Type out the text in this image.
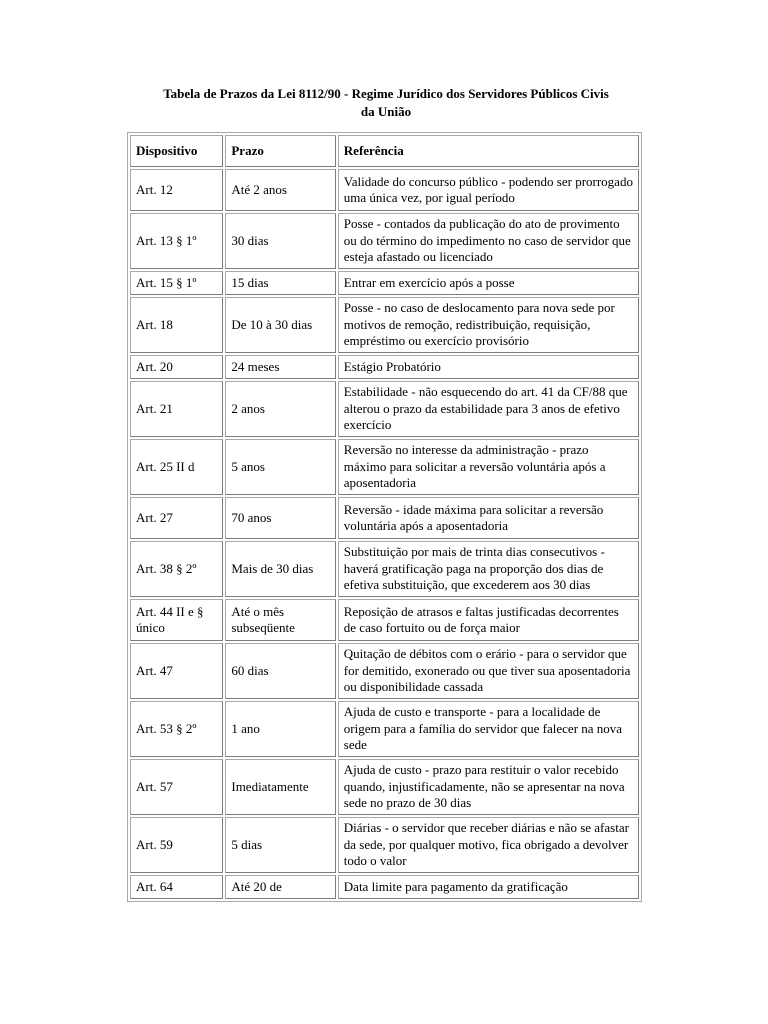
Tabela de Prazos da Lei 8112/90 - Regime Jurídico dos Servidores Públicos Civis
da União
Dispositivo	Prazo	Referência
Art. 12	Até 2 anos	Validade do concurso público - podendo ser prorrogado uma única vez, por igual período
Art. 13 § 1º	30 dias	Posse - contados da publicação do ato de provimento ou do término do impedimento no caso de servidor que esteja afastado ou licenciado
Art. 15 § 1º	15 dias	Entrar em exercício após a posse
Art. 18	De 10 à 30 dias	Posse - no caso de deslocamento para nova sede por motivos de remoção, redistribuição, requisição, empréstimo ou exercício provisório
Art. 20	24 meses	Estágio Probatório
Art. 21	2 anos	Estabilidade - não esquecendo do art. 41 da CF/88 que alterou o prazo da estabilidade para 3 anos de efetivo exercício
Art. 25 II d	5 anos	Reversão no interesse da administração - prazo máximo para solicitar a reversão voluntária após a aposentadoria
Art. 27	70 anos	Reversão - idade máxima para solicitar a reversão voluntária após a aposentadoria
Art. 38 § 2º	Mais de 30 dias	Substituição por mais de trinta dias consecutivos - haverá gratificação paga na proporção dos dias de efetiva substituição, que excederem aos 30 dias
Art. 44 II e § único	Até o mês subseqüente	Reposição de atrasos e faltas justificadas decorrentes de caso fortuito ou de força maior
Art. 47	60 dias	Quitação de débitos com o erário - para o servidor que for demitido, exonerado ou que tiver sua aposentadoria ou disponibilidade cassada
Art. 53 § 2º	1 ano	Ajuda de custo e transporte - para a localidade de origem para a família do servidor que falecer na nova sede
Art. 57	Imediatamente	Ajuda de custo - prazo para restituir o valor recebido quando, injustificadamente, não se apresentar na nova sede no prazo de 30 dias
Art. 59	5 dias	Diárias - o servidor que receber diárias e não se afastar da sede, por qualquer motivo, fica obrigado a devolver todo o valor
Art. 64	Até 20 de	Data limite para pagamento da gratificação
